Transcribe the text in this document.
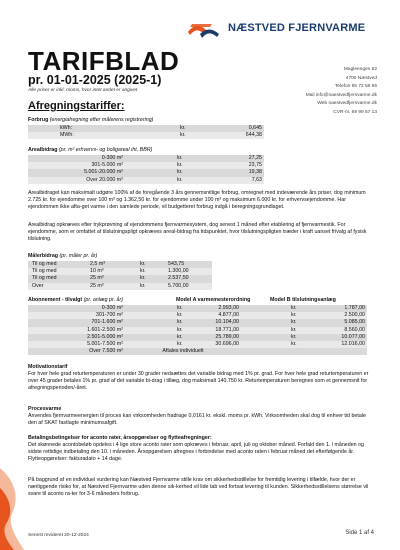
NÆSTVED FJERNVARME
TARIFBLAD
pr. 01-01-2025 (2025-1)
Alle priser er inkl. moms, hvor intet andet er angivet
Magleengen 62
4700 Næstved
Telefon 55 72 56 65
Mail info@naestvedfjernvarme.dk
Web naestvedfjernvarme.dk
CVR-nr. 69 99 57 13
Afregningstariffer:
Forbrug (energiafregning efter målerens registrering)
kWh:	kr.	0,645
MWh:	kr.	644,38
Arealbidrag (pr. m² erhvervs- og boligareal iht. BBR)
0-300 m²	kr.	27,25
301-5.000 m²	kr.	23,75
5.001-20.000 m²	kr.	19,38
Over 20.000 m²	kr.	7,63
Arealbidraget kan maksimalt udgøre 100% af de foregående 3 års gennemsnitlige forbrug, omregnet med indeværende års priser, dog minimum 2.725 kr. for ejendomme over 100 m² og 1.362,50 kr. for ejendomme under 100 m² og maksimum 6.000 kr. for erhvervsejendomme. Har ejendommen ikke afta-get varme i den samlede periode, vil budgetteret forbrug indgå i beregningsgrundlaget.
Arealbidrag opkræves efter trykprøvning af ejendommens fjernvarmesystem, dog senest 1 måned efter etablering af fjernvarmestik. For ejendomme, som er omfattet af tilslutningspligt opkræves areal-bidrag fra tidspunktet, hvor tilslutningspligten træder i kraft uanset frivalg af fysisk tilslutning.
Målerbidrag (pr. måler pr. år)
Til og med	2,5 m³		kr.	543,75
Til og med	10 m³		kr.	1.300,00
Til og med	25 m³		kr.	2.537,50
Over	25 m³		kr.	5.700,00
Abonnement - tilvalgt (pr. anlæg pr. år)	Model A varmemesterordning	Model B tilslutningsanlæg
0-300 m²	kr.	2.993,00	kr.	1.787,00
301-700 m²	kr.	4.877,00	kr.	2.500,00
701-1.600 m²	kr.	10.104,00	kr.	5.085,00
1.601-2.500 m²	kr.	18.771,00	kr.	8.560,00
2.501-5.000 m²	kr.	25.789,00	kr.	10.077,00
5.001-7.500 m²	kr.	30.696,00	kr.	12.016,00
Over 7.500 m²	Aftales individuelt			
Motivationstarif
For hver hele grad returtemperaturen er under 30 grader nedsættes det variable bidrag med 1% pr. grad. For hver hele grad returtemperaturen er over 45 grader betales 1% pr. grad af det variable bi-drag i tillæg, dog maksimalt 140.750 kr. Returtemperaturen beregnes som et gennemsnit for afregningsperioden/-året.
Procesvarme
Anvendes fjernvarmeenergien til proces kan virksomheden fradrage 0,0161 kr. ekskl. moms pr. kWh. Virksomheden skal dog til enhver tid betale den af SKAT fastlagte minimumsafgift.
Betalingsbetingelser for aconto rater, årsopgørelser og flytteafregninger:
Det skønnede acontobeløb opdeles i 4 lige store aconto rater som opkræves i februar, april, juli og oktober måned. Forfald den 1. i måneden og sidste rettidige indbetaling den 10. i måneden. Årsopgørelsen afregnes i forbindelse med aconto raten i februar måned det efterfølgende år. Flytteopgørelser: fakturadato + 14 dage.
På baggrund af en individuel vurdering kan Næstved Fjernvarme stille krav om sikkerhedsstillelse for fremtidig levering i tilfælde, hvor der er nærliggende risiko for, at Næstved Fjernvarme uden denne sik-kerhed vil lide tab ved fortsat levering til kunden. Sikkerhedsstillelsens størrelse vil svare til aconto ra-ter for 3-6 måneders forbrug.
Senest revideret 20-12-2024	Side 1 af 4
